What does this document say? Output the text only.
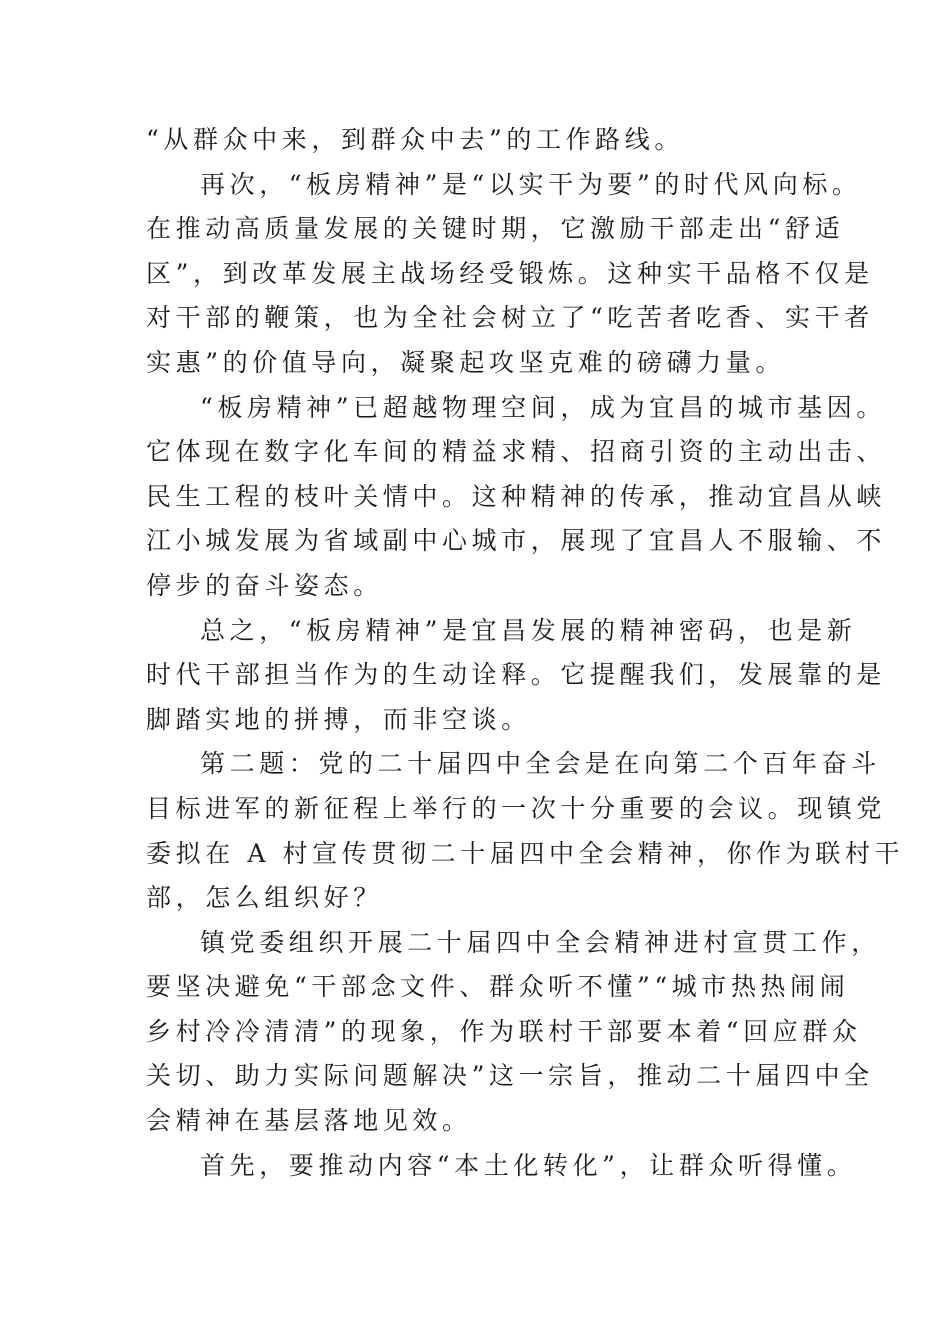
“从群众中来，到群众中去”的工作路线。
再次，“板房精神”是“以实干为要”的时代风向标。
在推动高质量发展的关键时期，它激励干部走出“舒适
区”，到改革发展主战场经受锻炼。这种实干品格不仅是
对干部的鞭策，也为全社会树立了“吃苦者吃香、实干者
实惠”的价值导向，凝聚起攻坚克难的磅礴力量。
“板房精神”已超越物理空间，成为宜昌的城市基因。
它体现在数字化车间的精益求精、招商引资的主动出击、
民生工程的枝叶关情中。这种精神的传承，推动宜昌从峡
江小城发展为省域副中心城市，展现了宜昌人不服输、不
停步的奋斗姿态。
总之，“板房精神”是宜昌发展的精神密码，也是新
时代干部担当作为的生动诠释。它提醒我们，发展靠的是
脚踏实地的拼搏，而非空谈。
第二题：党的二十届四中全会是在向第二个百年奋斗
目标进军的新征程上举行的一次十分重要的会议。现镇党
委拟在 A 村宣传贯彻二十届四中全会精神，你作为联村干
部，怎么组织好？
镇党委组织开展二十届四中全会精神进村宣贯工作，
要坚决避免“干部念文件、群众听不懂”“城市热热闹闹
乡村冷冷清清”的现象，作为联村干部要本着“回应群众
关切、助力实际问题解决”这一宗旨，推动二十届四中全
会精神在基层落地见效。
首先，要推动内容“本土化转化”，让群众听得懂。
